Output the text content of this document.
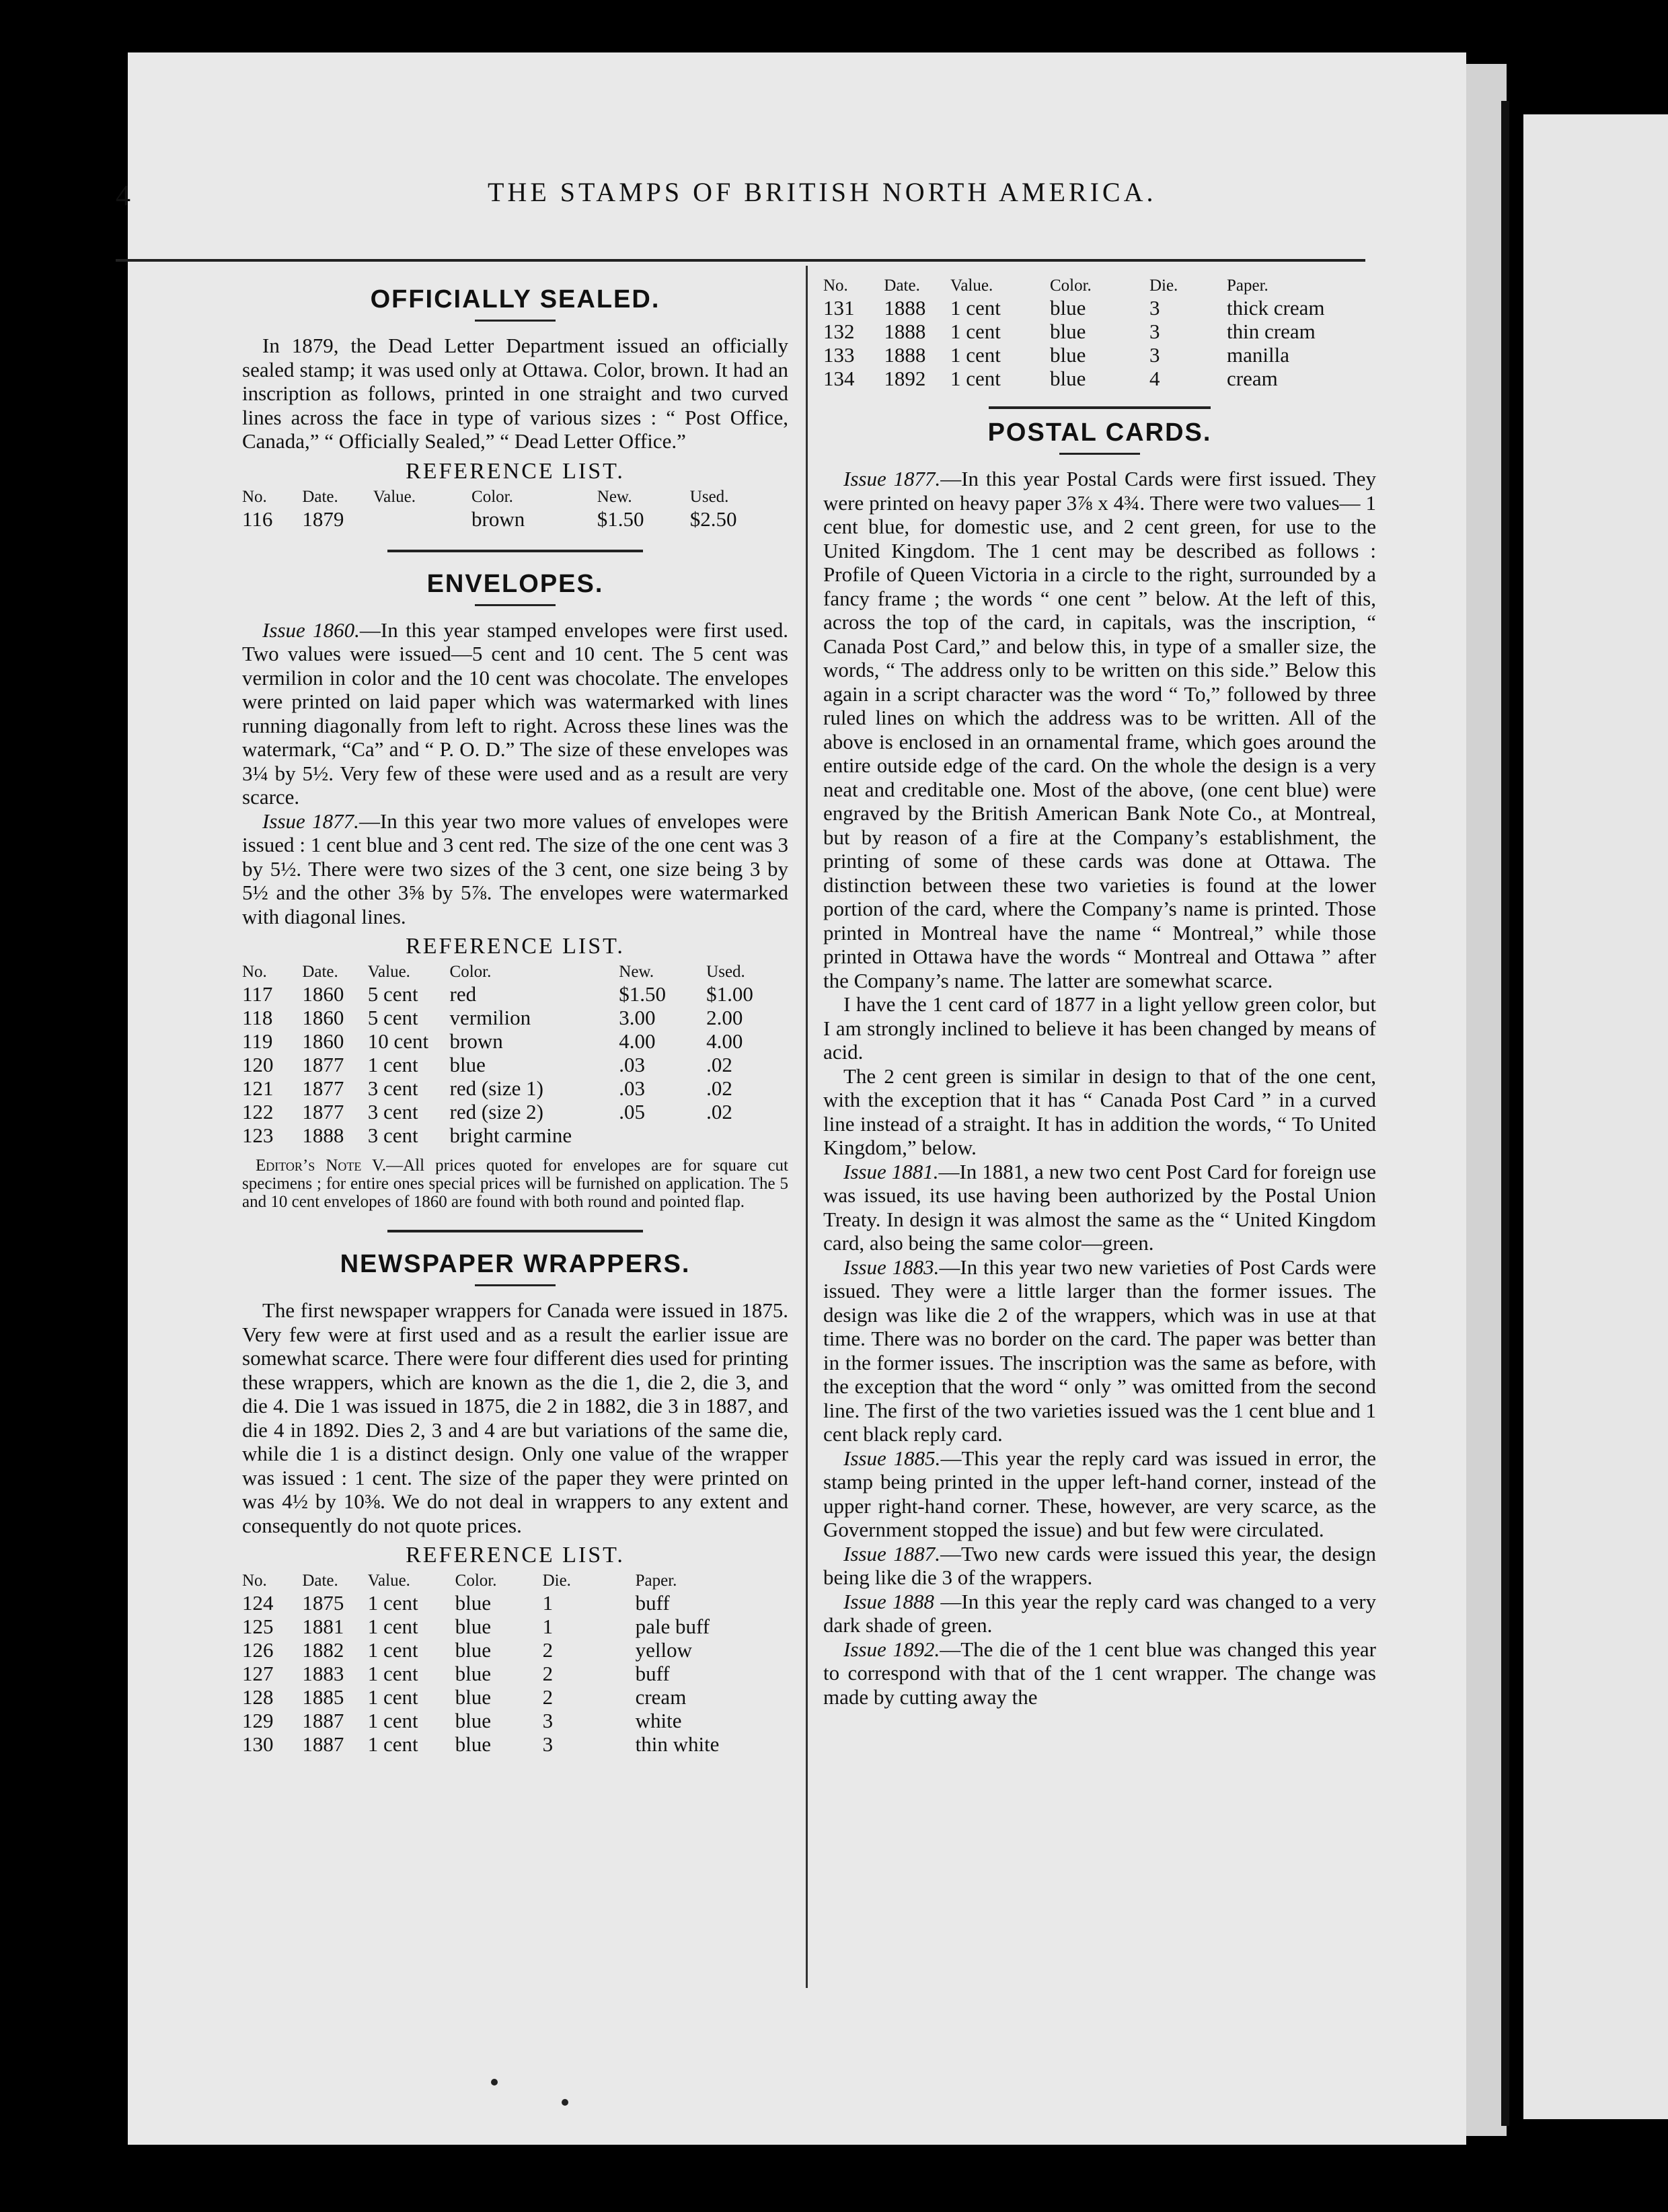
4	THE STAMPS OF BRITISH NORTH AMERICA.
OFFICIALLY SEALED.

In 1879, the Dead Letter Department issued an officially sealed stamp; it was used only at Ottawa. Color, brown. It had an inscription as follows, printed in one straight and two curved lines across the face in type of various sizes : “ Post Office, Canada,” “ Officially Sealed,” “ Dead Letter Office.”

REFERENCE LIST.
No.	Date.	Value.	Color.	New.	Used.
116	1879		brown	$1.50	$2.50
ENVELOPES.

Issue 1860.—In this year stamped envelopes were first used. Two values were issued—5 cent and 10 cent. The 5 cent was vermilion in color and the 10 cent was chocolate. The envelopes were printed on laid paper which was watermarked with lines running diagonally from left to right. Across these lines was the watermark, “Ca” and “ P. O. D.” The size of these envelopes was 3¼ by 5½. Very few of these were used and as a result are very scarce.

Issue 1877.—In this year two more values of envelopes were issued : 1 cent blue and 3 cent red. The size of the one cent was 3 by 5½. There were two sizes of the 3 cent, one size being 3 by 5½ and the other 3⅝ by 5⅞. The envelopes were watermarked with diagonal lines.

REFERENCE LIST.
No.	Date.	Value.	Color.	New.	Used.
117	1860	5 cent	red	$1.50	$1.00
118	1860	5 cent	vermilion	3.00	2.00
119	1860	10 cent	brown	4.00	4.00
120	1877	1 cent	blue	.03	.02
121	1877	3 cent	red (size 1)	.03	.02
122	1877	3 cent	red (size 2)	.05	.02
123	1888	3 cent	bright carmine		

Editor’s Note V.—All prices quoted for envelopes are for square cut specimens ; for entire ones special prices will be furnished on application. The 5 and 10 cent envelopes of 1860 are found with both round and pointed flap.

NEWSPAPER WRAPPERS.

The first newspaper wrappers for Canada were issued in 1875. Very few were at first used and as a result the earlier issue are somewhat scarce. There were four different dies used for printing these wrappers, which are known as the die 1, die 2, die 3, and die 4. Die 1 was issued in 1875, die 2 in 1882, die 3 in 1887, and die 4 in 1892. Dies 2, 3 and 4 are but variations of the same die, while die 1 is a distinct design. Only one value of the wrapper was issued : 1 cent. The size of the paper they were printed on was 4½ by 10⅜. We do not deal in wrappers to any extent and consequently do not quote prices.

REFERENCE LIST.
No.	Date.	Value.	Color.	Die.	Paper.
124	1875	1 cent	blue	1	buff
125	1881	1 cent	blue	1	pale buff
126	1882	1 cent	blue	2	yellow
127	1883	1 cent	blue	2	buff
128	1885	1 cent	blue	2	cream
129	1887	1 cent	blue	3	white
130	1887	1 cent	blue	3	thin white
No.	Date.	Value.	Color.	Die.	Paper.
131	1888	1 cent	blue	3	thick cream
132	1888	1 cent	blue	3	thin cream
133	1888	1 cent	blue	3	manilla
134	1892	1 cent	blue	4	cream
POSTAL CARDS.

Issue 1877.—In this year Postal Cards were first issued. They were printed on heavy paper 3⅞ x 4¾. There were two values— 1 cent blue, for domestic use, and 2 cent green, for use to the United Kingdom. The 1 cent may be described as follows : Profile of Queen Victoria in a circle to the right, surrounded by a fancy frame ; the words “ one cent ” below. At the left of this, across the top of the card, in capitals, was the inscription, “ Canada Post Card,” and below this, in type of a smaller size, the words, “ The address only to be written on this side.” Below this again in a script character was the word “ To,” followed by three ruled lines on which the address was to be written. All of the above is enclosed in an ornamental frame, which goes around the entire outside edge of the card. On the whole the design is a very neat and creditable one. Most of the above, (one cent blue) were engraved by the British American Bank Note Co., at Montreal, but by reason of a fire at the Company’s establishment, the printing of some of these cards was done at Ottawa. The distinction between these two varieties is found at the lower portion of the card, where the Company’s name is printed. Those printed in Montreal have the name “ Montreal,” while those printed in Ottawa have the words “ Montreal and Ottawa ” after the Company’s name. The latter are somewhat scarce.

I have the 1 cent card of 1877 in a light yellow green color, but I am strongly inclined to believe it has been changed by means of acid.

The 2 cent green is similar in design to that of the one cent, with the exception that it has “ Canada Post Card ” in a curved line instead of a straight. It has in addition the words, “ To United Kingdom,” below.

Issue 1881.—In 1881, a new two cent Post Card for foreign use was issued, its use having been authorized by the Postal Union Treaty. In design it was almost the same as the “ United Kingdom card, also being the same color—green.

Issue 1883.—In this year two new varieties of Post Cards were issued. They were a little larger than the former issues. The design was like die 2 of the wrappers, which was in use at that time. There was no border on the card. The paper was better than in the former issues. The inscription was the same as before, with the exception that the word “ only ” was omitted from the second line. The first of the two varieties issued was the 1 cent blue and 1 cent black reply card.

Issue 1885.—This year the reply card was issued in error, the stamp being printed in the upper left-hand corner, instead of the upper right-hand corner. These, however, are very scarce, as the Government stopped the issue) and but few were circulated.

Issue 1887.—Two new cards were issued this year, the design being like die 3 of the wrappers.

Issue 1888 —In this year the reply card was changed to a very dark shade of green.

Issue 1892.—The die of the 1 cent blue was changed this year to correspond with that of the 1 cent wrapper. The change was made by cutting away the
